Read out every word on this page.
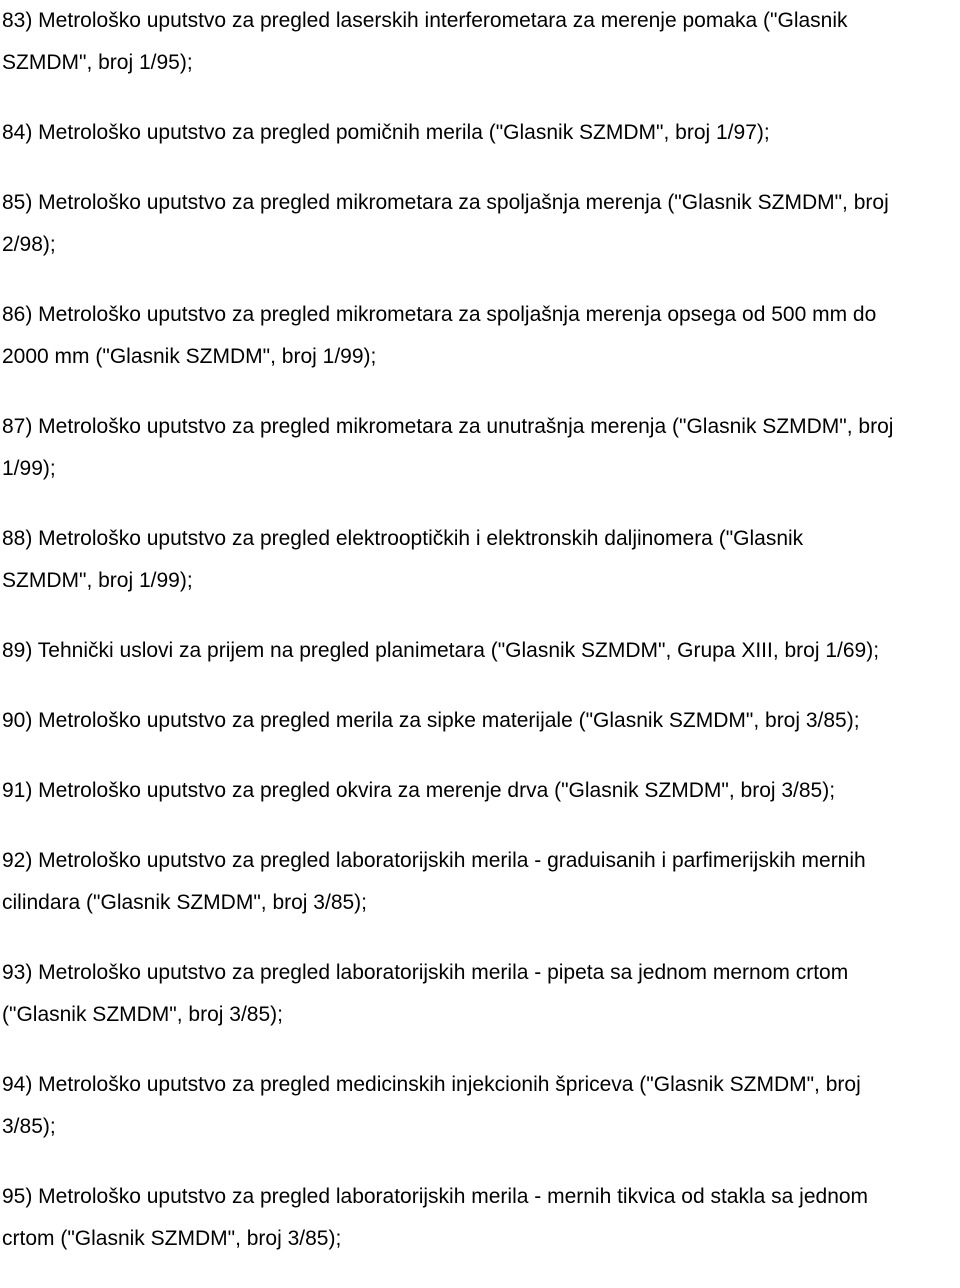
83) Metrološko uputstvo za pregled laserskih interferometara za merenje pomaka ("Glasnik
SZMDM", broj 1/95);
84) Metrološko uputstvo za pregled pomičnih merila ("Glasnik SZMDM", broj 1/97);
85) Metrološko uputstvo za pregled mikrometara za spoljašnja merenja ("Glasnik SZMDM", broj
2/98);
86) Metrološko uputstvo za pregled mikrometara za spoljašnja merenja opsega od 500 mm do
2000 mm ("Glasnik SZMDM", broj 1/99);
87) Metrološko uputstvo za pregled mikrometara za unutrašnja merenja ("Glasnik SZMDM", broj
1/99);
88) Metrološko uputstvo za pregled elektrooptičkih i elektronskih daljinomera ("Glasnik
SZMDM", broj 1/99);
89) Tehnički uslovi za prijem na pregled planimetara ("Glasnik SZMDM", Grupa XIII, broj 1/69);
90) Metrološko uputstvo za pregled merila za sipke materijale ("Glasnik SZMDM", broj 3/85);
91) Metrološko uputstvo za pregled okvira za merenje drva ("Glasnik SZMDM", broj 3/85);
92) Metrološko uputstvo za pregled laboratorijskih merila - graduisanih i parfimerijskih mernih
cilindara ("Glasnik SZMDM", broj 3/85);
93) Metrološko uputstvo za pregled laboratorijskih merila - pipeta sa jednom mernom crtom
("Glasnik SZMDM", broj 3/85);
94) Metrološko uputstvo za pregled medicinskih injekcionih špriceva ("Glasnik SZMDM", broj
3/85);
95) Metrološko uputstvo za pregled laboratorijskih merila - mernih tikvica od stakla sa jednom
crtom ("Glasnik SZMDM", broj 3/85);
